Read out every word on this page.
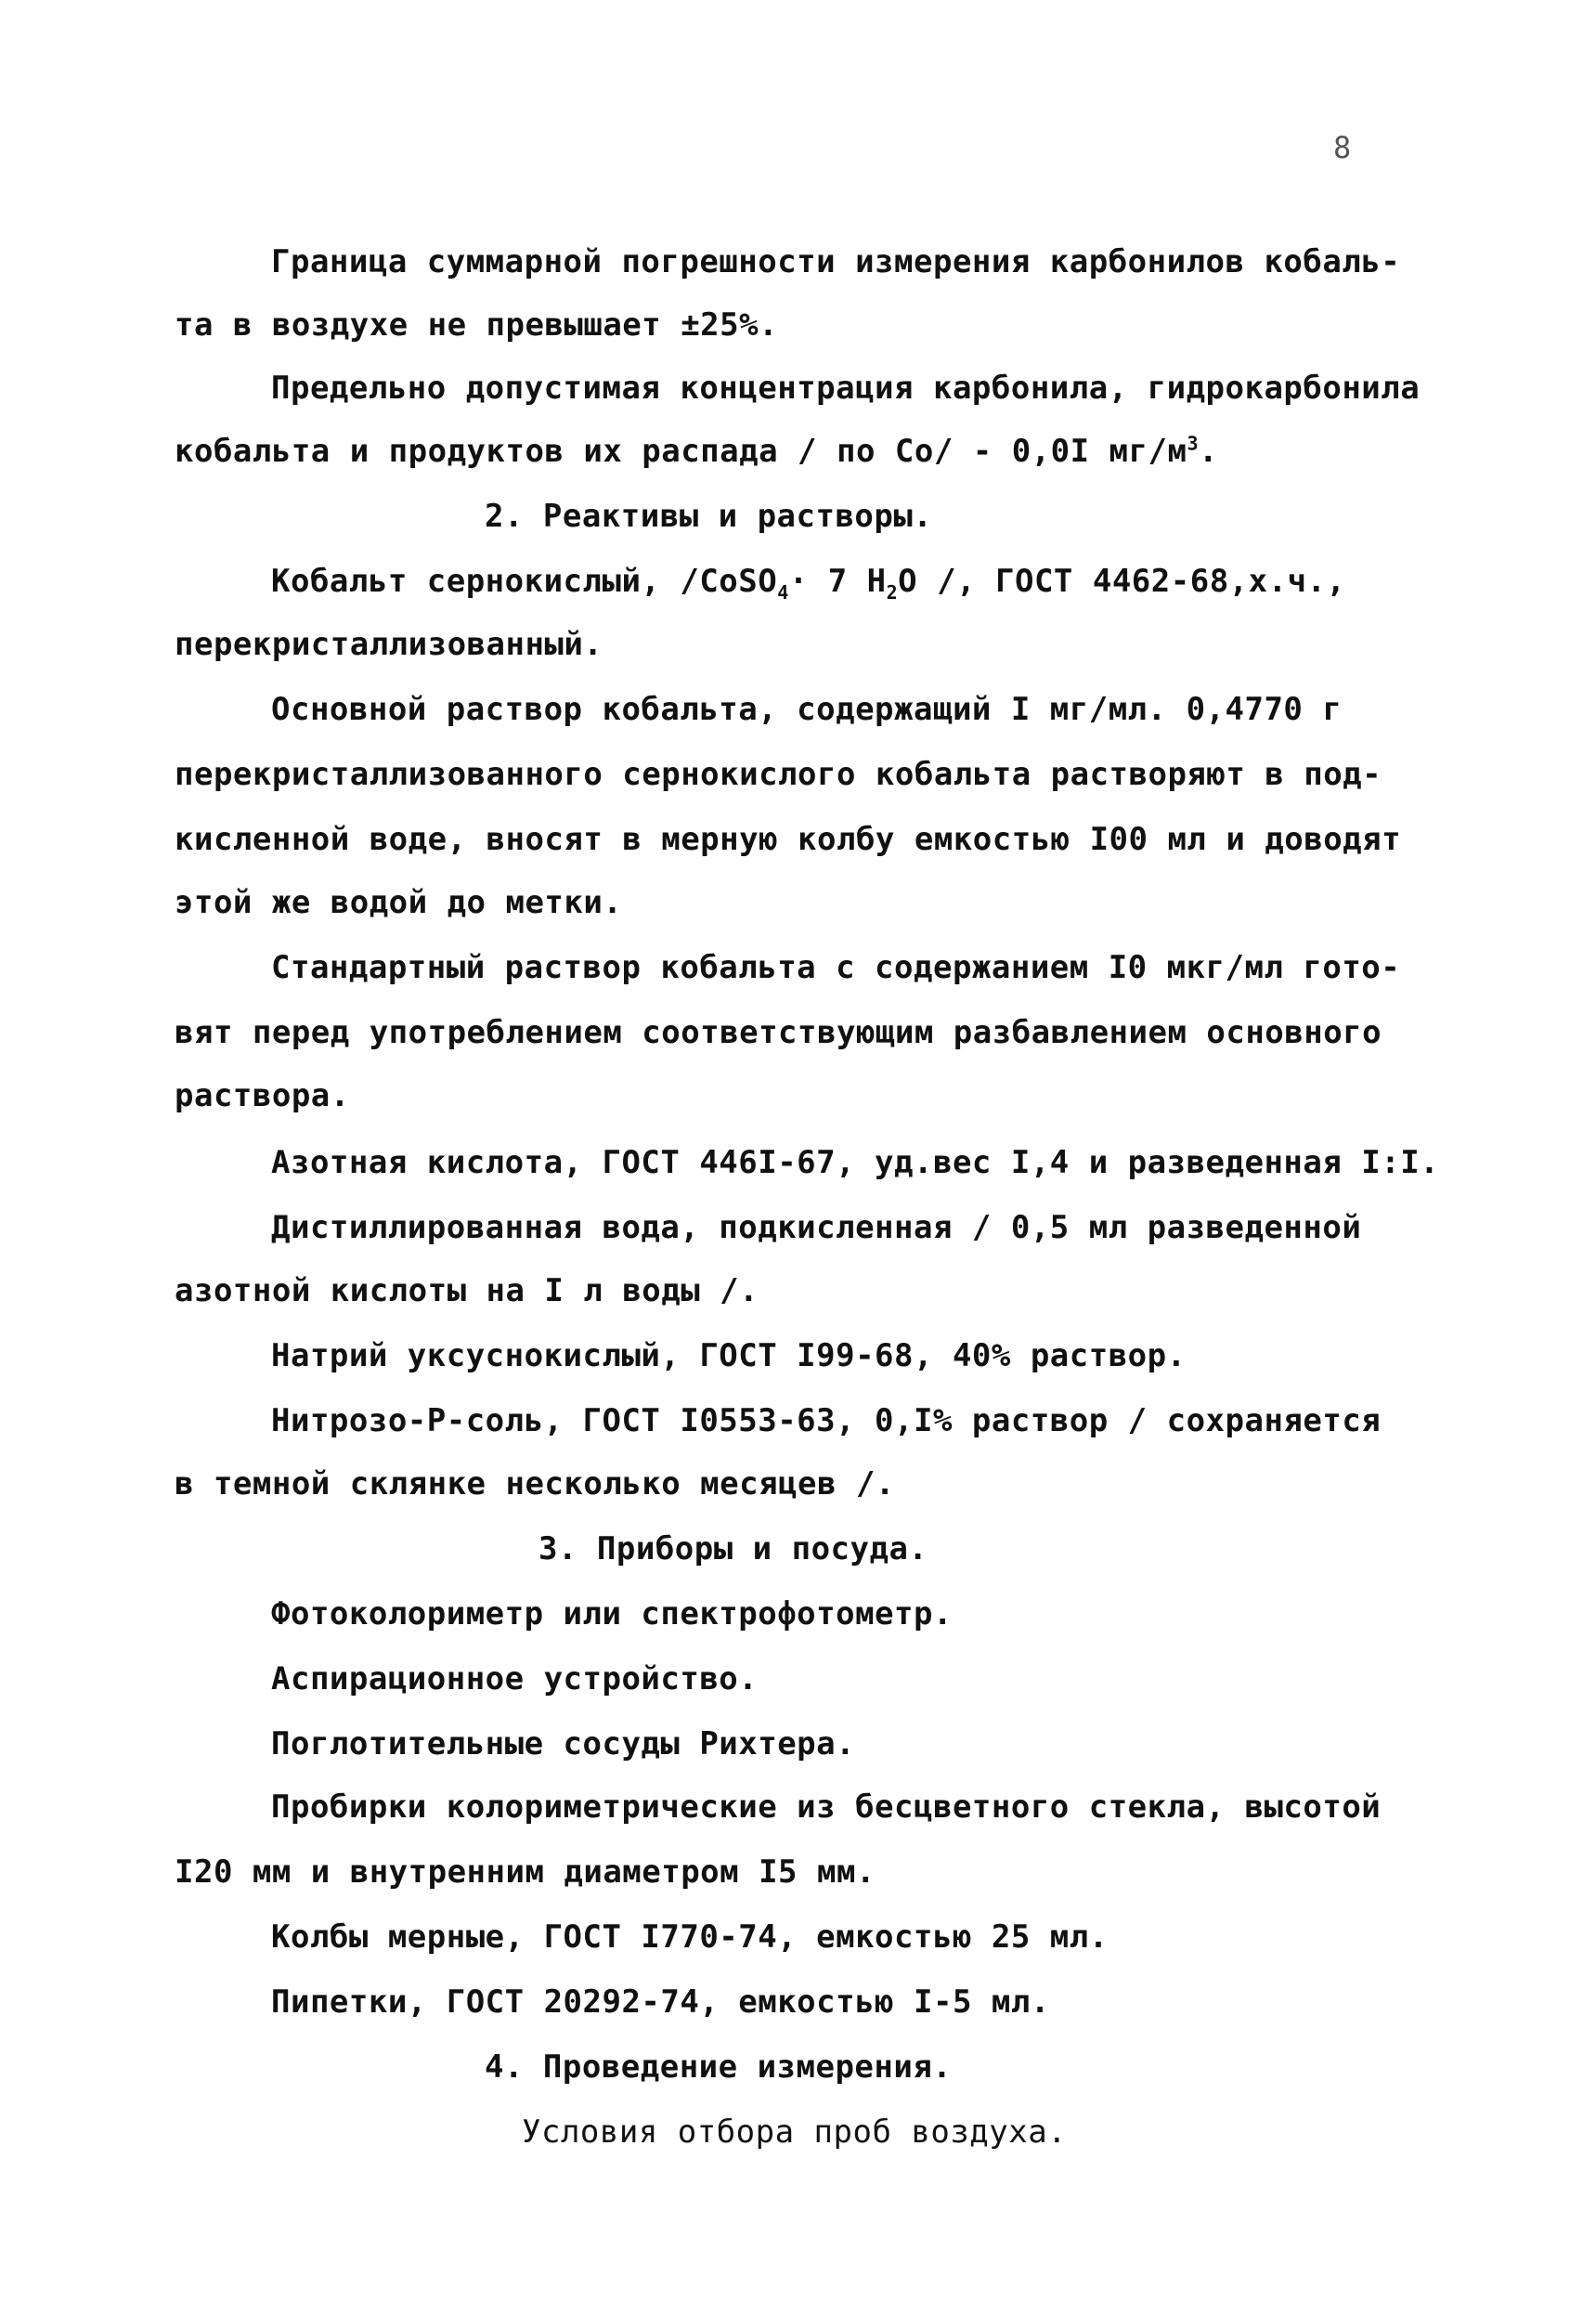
8
Граница суммарной погрешности измерения карбонилов кобаль-
та в воздухе не превышает ±25%.
Предельно допустимая концентрация карбонила, гидрокарбонила
кобальта и продуктов их распада / по Co/ - 0,0I $мг/м^3$.
2. Реактивы и растворы.
Кобальт сернокислый, /CoSO$_4$· 7 $H_2O$ /, ГОСТ 4462-68,х.ч.,
перекристаллизованный.
Основной раствор кобальта, содержащий I мг/мл. 0,4770 г
перекристаллизованного сернокислого кобальта растворяют в под-
кисленной воде, вносят в мерную колбу емкостью I00 мл и доводят
этой же водой до метки.
Стандартный раствор кобальта с содержанием I0 мкг/мл гото-
вят перед употреблением соответствующим разбавлением основного
раствора.
Азотная кислота, ГОСТ 446I-67, уд.вес I,4 и разведенная I:I.
Дистиллированная вода, подкисленная / 0,5 мл разведенной
азотной кислоты на I л воды /.
Натрий уксуснокислый, ГОСТ I99-68, 40% раствор.
Нитрозо-Р-соль, ГОСТ I0553-63, 0,I% раствор / сохраняется
в темной склянке несколько месяцев /.
3. Приборы и посуда.
Фотоколориметр или спектрофотометр.
Аспирационное устройство.
Поглотительные сосуды Рихтера.
Пробирки колориметрические из бесцветного стекла, высотой
I20 мм и внутренним диаметром I5 мм.
Колбы мерные, ГОСТ I770-74, емкостью 25 мл.
Пипетки, ГОСТ 20292-74, емкостью I-5 мл.
4. Проведение измерения.
Условия отбора проб воздуха.
